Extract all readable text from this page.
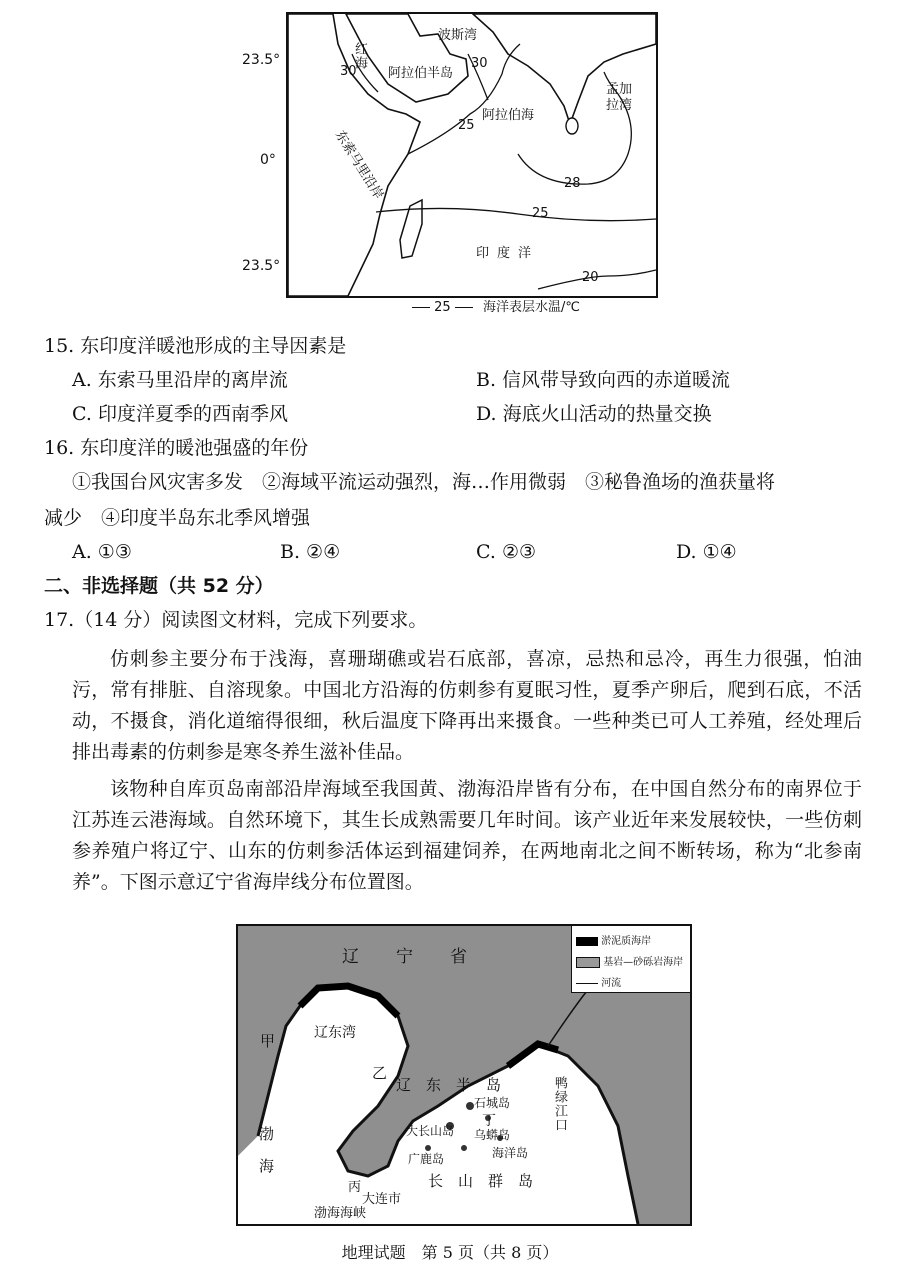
30
30
25
28
25
20
波斯湾
红海
阿拉伯半岛
阿拉伯海
孟加拉湾
东索马里沿岸
印度洋
23.5°
0°
23.5°
25 海洋表层水温/℃
15. 东印度洋暖池形成的主导因素是
A. 东索马里沿岸的离岸流	B. 信风带导致向西的赤道暖流
C. 印度洋夏季的西南季风	D. 海底火山活动的热量交换
16. 东印度洋的暖池强盛的年份
①我国台风灾害多发　②海域平流运动强烈，海…作用微弱　③秘鲁渔场的渔获量将
减少　④印度半岛东北季风增强
A. ①③	B. ②④	C. ②③	D. ①④
二、非选择题（共 52 分）
17.（14 分）阅读图文材料，完成下列要求。
仿刺参主要分布于浅海，喜珊瑚礁或岩石底部，喜凉，忌热和忌冷，再生力很强，怕油污，常有排脏、自溶现象。中国北方沿海的仿刺参有夏眠习性，夏季产卵后，爬到石底，不活动，不摄食，消化道缩得很细，秋后温度下降再出来摄食。一些种类已可人工养殖，经处理后排出毒素的仿刺参是寒冬养生滋补佳品。
该物种自库页岛南部沿岸海域至我国黄、渤海沿岸皆有分布，在中国自然分布的南界位于江苏连云港海域。自然环境下，其生长成熟需要几年时间。该产业近年来发展较快，一些仿刺参养殖户将辽宁、山东的仿刺参活体运到福建饲养，在两地南北之间不断转场，称为“北参南养”。下图示意辽宁省海岸线分布位置图。
淤泥质海岸
基岩—砂砾岩海岸
河流
辽　宁　省
甲	辽东湾
乙
渤　海
辽　东　半　岛 大鹿岛 鸭绿江口
石城岛
丁
乌蟒岛
大长山岛
海洋岛
广鹿岛
长　山　群　岛
丙
大连市
渤海海峡
地理试题　第 5 页（共 8 页）
